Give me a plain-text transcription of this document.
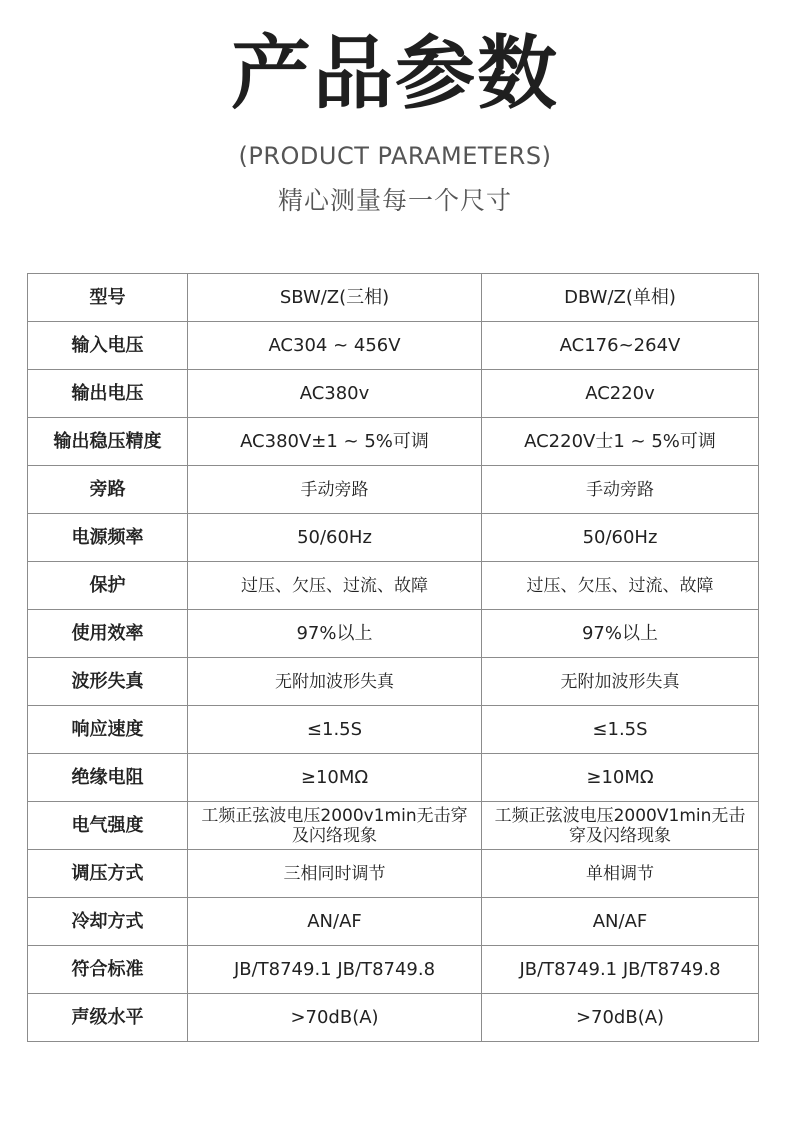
产品参数
(PRODUCT PARAMETERS)
精心测量每一个尺寸
型号	SBW/Z(三相)	DBW/Z(单相)
输入电压	AC304 ~ 456V	AC176~264V
输出电压	AC380v	AC220v
输出稳压精度	AC380V±1 ~ 5%可调	AC220V士1 ~ 5%可调
旁路	手动旁路	手动旁路
电源频率	50/60Hz	50/60Hz
保护	过压、欠压、过流、故障	过压、欠压、过流、故障
使用效率	97%以上	97%以上
波形失真	无附加波形失真	无附加波形失真
响应速度	≤1.5S	≤1.5S
绝缘电阻	≥10MΩ	≥10MΩ
电气强度	工频正弦波电压2000v1min无击穿及闪络现象	工频正弦波电压2000V1min无击穿及闪络现象
调压方式	三相同时调节	单相调节
冷却方式	AN/AF	AN/AF
符合标准	JB/T8749.1 JB/T8749.8	JB/T8749.1 JB/T8749.8
声级水平	>70dB(A)	>70dB(A)
